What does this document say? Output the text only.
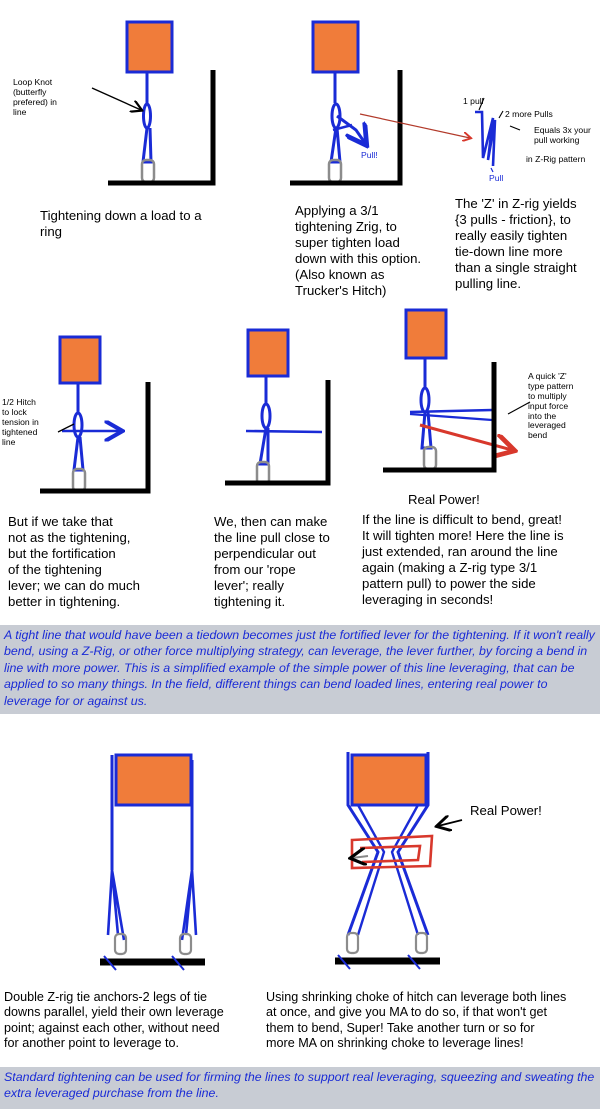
Loop Knot
(butterfly
prefered) in
line
Tightening down a load to a
ring
Pull!
Applying a 3/1
tightening Zrig, to
super tighten load
down with this option.
(Also known as
Trucker's Hitch)
1 pull
2 more Pulls
Equals 3x your
pull working
in Z-Rig pattern
Pull
The 'Z' in Z-rig yields
{3 pulls - friction}, to
really easily tighten
tie-down line more
than a single straight
pulling line.
1/2 Hitch
to lock
tension in
tightened
line
But if we take that
not as the tightening,
but the fortification
of the tightening
lever; we can do much
better in tightening.
We, then can make
the line pull close to
perpendicular out
from our 'rope
lever'; really
tightening it.
A quick 'Z'
type pattern
to multiply
input force
into the
leveraged
bend
Real Power!
If the line is difficult to bend, great!
It will tighten more! Here the line is
just extended, ran around the line
again (making a Z-rig type 3/1
pattern pull) to power the side
leveraging in seconds!
A tight line that would have been a tiedown becomes just the fortified lever for the tightening. If it won't really bend, using a Z-Rig, or other force multiplying strategy, can leverage, the lever further, by forcing a bend in line with more power. This is a simplified example of the simple power of this line leveraging, that can be applied to so many things. In the field, different things can bend loaded lines, entering real power to leverage for or against us.
Double Z-rig tie anchors-2 legs of tie
downs parallel, yield their own leverage
point; against each other, without need
for another point to leverage to.
Real Power!
Using shrinking choke of hitch can leverage both lines
at once, and give you MA to do so, if that won't get
them to bend, Super! Take another turn or so for
more MA on shrinking choke to leverage lines!
Standard tightening can be used for firming the lines to support real leveraging, squeezing and sweating the extra leveraged purchase from the line.
